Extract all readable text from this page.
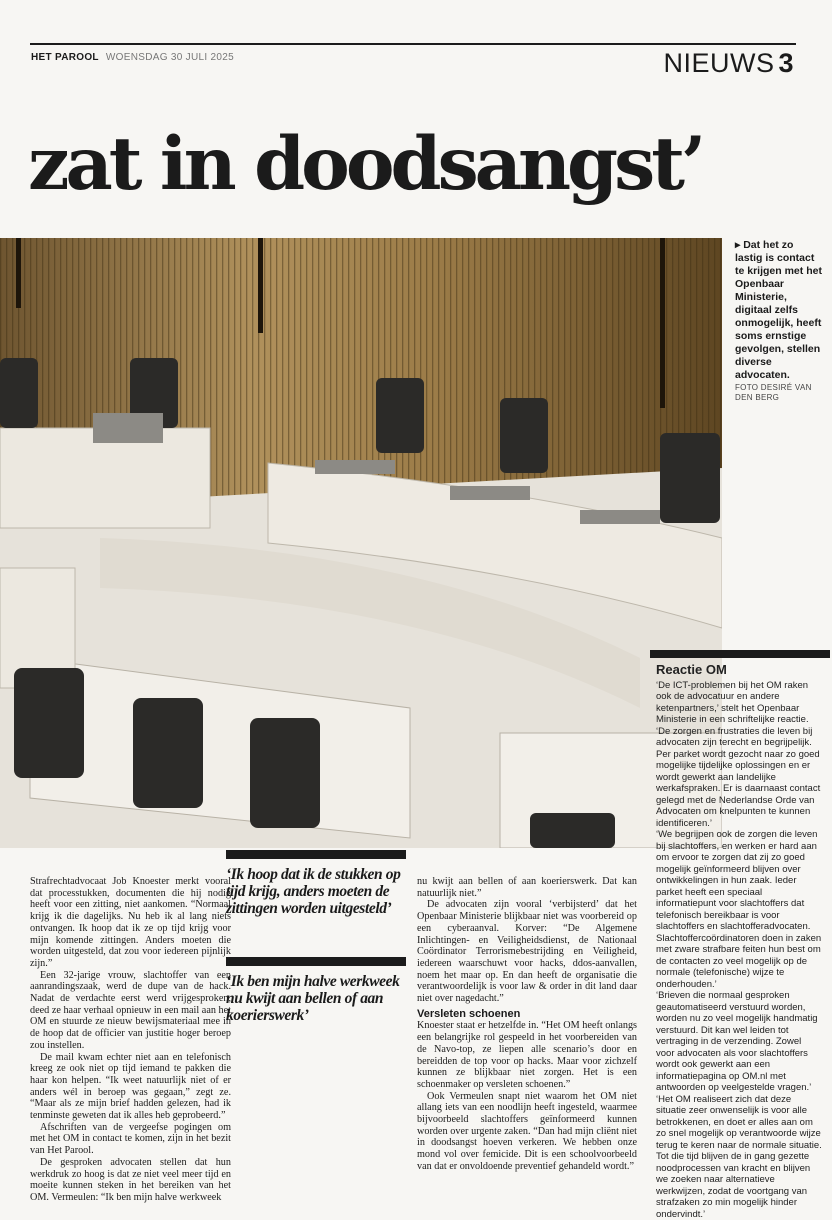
HET PAROOL WOENSDAG 30 JULI 2025	NIEUWS 3
zat in doodsangst’
▸ Dat het zo lastig is contact te krijgen met het Openbaar Ministerie, digitaal zelfs onmogelijk, heeft soms ernstige gevolgen, stellen diverse advocaten.
FOTO DESIRÉ VAN DEN BERG
Reactie OM

‘De ICT-problemen bij het OM raken ook de advocatuur en andere ketenpartners,’ stelt het Openbaar Ministerie in een schriftelijke reactie. ‘De zorgen en frustraties die leven bij advocaten zijn terecht en begrijpelijk. Per parket wordt gezocht naar zo goed mogelijke tijdelijke oplossingen en er wordt gewerkt aan landelijke werkafspraken. Er is daarnaast contact gelegd met de Nederlandse Orde van Advocaten om knelpunten te kunnen identificeren.’

‘We begrijpen ook de zorgen die leven bij slachtoffers, en werken er hard aan om ervoor te zorgen dat zij zo goed mogelijk geïnformeerd blijven over ontwikkelingen in hun zaak. Ieder parket heeft een speciaal informatiepunt voor slachtoffers dat telefonisch bereikbaar is voor slachtoffers en slachtofferadvocaten. Slachtoffercoördinatoren doen in zaken met zware strafbare feiten hun best om de contacten zo veel mogelijk op de normale (telefonische) wijze te onderhouden.’

‘Brieven die normaal gesproken geautomatiseerd verstuurd worden, worden nu zo veel mogelijk handmatig verstuurd. Dit kan wel leiden tot vertraging in de verzending. Zowel voor advocaten als voor slachtoffers wordt ook gewerkt aan een informatiepagina op OM.nl met antwoorden op veelgestelde vragen.’

‘Het OM realiseert zich dat deze situatie zeer onwenselijk is voor alle betrokkenen, en doet er alles aan om zo snel mogelijk op verantwoorde wijze terug te keren naar de normale situatie. Tot die tijd blijven de in gang gezette noodprocessen van kracht en blijven we zoeken naar alternatieve werkwijzen, zodat de voortgang van strafzaken zo min mogelijk hinder ondervindt.’

Strafrechtadvocaat Job Knoester merkt vooral dat processtukken, documenten die hij nodig heeft voor een zitting, niet aankomen. “Normaal krijg ik die dagelijks. Nu heb ik al lang niets ontvangen. Ik hoop dat ik ze op tijd krijg voor mijn komende zittingen. Anders moeten die worden uitgesteld, dat zou voor iedereen pijnlijk zijn.”

Een 32-jarige vrouw, slachtoffer van een aanrandingszaak, werd de dupe van de hack. Nadat de verdachte eerst werd vrijgesproken, deed ze haar verhaal opnieuw in een mail aan het OM en stuurde ze nieuw bewijsmateriaal mee in de hoop dat de officier van justitie hoger beroep zou instellen.

De mail kwam echter niet aan en telefonisch kreeg ze ook niet op tijd iemand te pakken die haar kon helpen. “Ik weet natuurlijk niet of er anders wél in beroep was gegaan,” zegt ze. “Maar als ze mijn brief hadden gelezen, had ik tenminste geweten dat ik alles heb geprobeerd.”

Afschriften van de vergeefse pogingen om met het OM in contact te komen, zijn in het bezit van Het Parool.

De gesproken advocaten stellen dat hun werkdruk zo hoog is dat ze niet veel meer tijd en moeite kunnen steken in het bereiken van het OM. Vermeulen: “Ik ben mijn halve werkweek

‘Ik hoop dat ik de stukken op tijd krijg, anders moeten de zittingen worden uitgesteld’
‘Ik ben mijn halve werkweek nu kwijt aan bellen of aan koerierswerk’

nu kwijt aan bellen of aan koerierswerk. Dat kan natuurlijk niet.”

De advocaten zijn vooral ‘verbijsterd’ dat het Openbaar Ministerie blijkbaar niet was voorbereid op een cyberaanval. Korver: “De Algemene Inlichtingen- en Veiligheidsdienst, de Nationaal Coördinator Terrorismebestrijding en Veiligheid, iedereen waarschuwt voor hacks, ddos-aanvallen, noem het maar op. En dan heeft de organisatie die verantwoordelijk is voor law & order in dit land daar niet over nagedacht.”

Versleten schoenen

Knoester staat er hetzelfde in. “Het OM heeft onlangs een belangrijke rol gespeeld in het voorbereiden van de Navo-top, ze liepen alle scenario’s door en bereidden de top voor op hacks. Maar voor zichzelf kunnen ze blijkbaar niet zorgen. Het is een schoenmaker op versleten schoenen.”

Ook Vermeulen snapt niet waarom het OM niet allang iets van een noodlijn heeft ingesteld, waarmee bijvoorbeeld slachtoffers geïnformeerd kunnen worden over urgente zaken. “Dan had mijn cliënt niet in doodsangst hoeven verkeren. We hebben onze mond vol over femicide. Dit is een schoolvoorbeeld van dat er onvoldoende preventief gehandeld wordt.”
